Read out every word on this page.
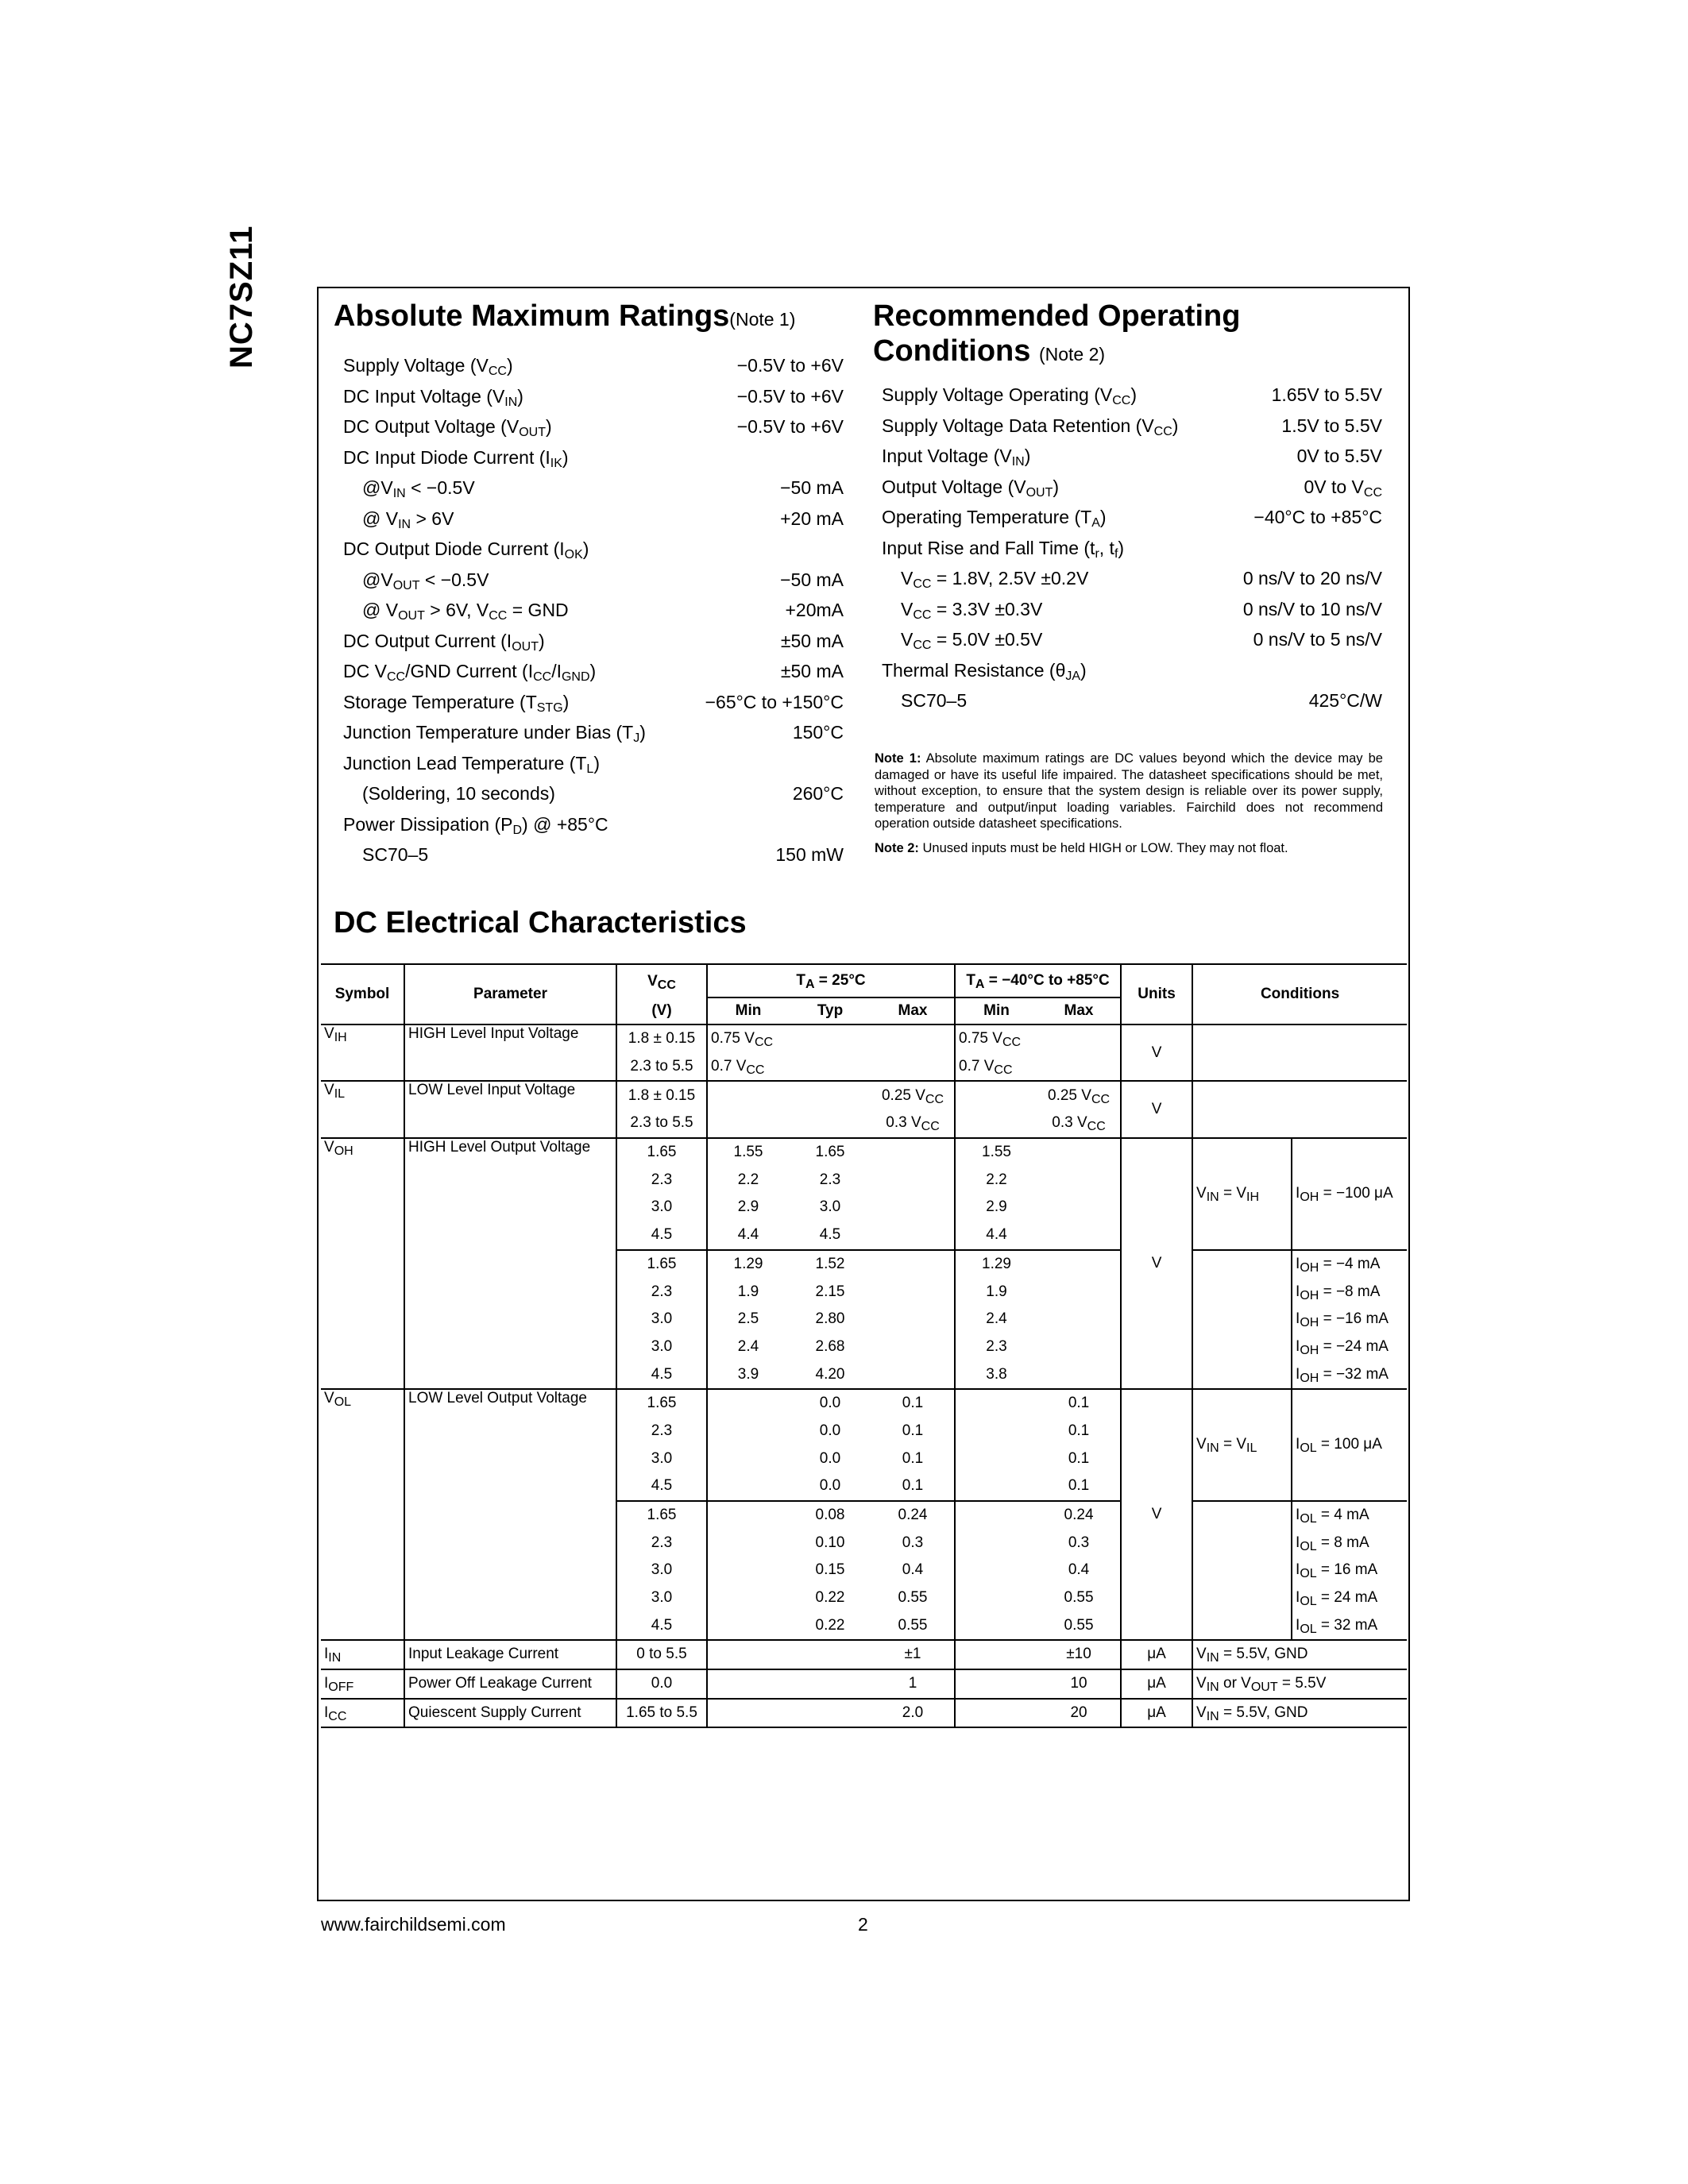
NC7SZ11 Absolute Maximum Ratings(Note 1)
Supply Voltage $(V_{CC})$	−0.5V to +6V
DC Input Voltage $(V_{IN})$	−0.5V to +6V
DC Output Voltage $(V_{OUT})$	−0.5V to +6V
DC Input Diode Current $(I_{IK})$
$@V_{IN} < -0.5V$	−50 mA
@ $V_{IN} > 6V$	+20 mA
DC Output Diode Current $(I_{OK})$
$@V_{OUT} < -0.5V$	−50 mA
@ $V_{OUT} > 6V$, $V_{CC}$ = GND	+20mA
DC Output Current $(I_{OUT})$	±50 mA
DC $V_{CC}$/GND Current $(I_{CC}/I_{GND})$	±50 mA
Storage Temperature $(T_{STG})$	−65°C to +150°C
Junction Temperature under Bias $(T_J)$	150°C
Junction Lead Temperature $(T_L)$
(Soldering, 10 seconds)	260°C
Power Dissipation $(P_D)$ @ +85°C
SC70–5	150 mW
Recommended Operating
Conditions (Note 2)
Supply Voltage Operating $(V_{CC})$	1.65V to 5.5V
Supply Voltage Data Retention $(V_{CC})$	1.5V to 5.5V
Input Voltage $(V_{IN})$	0V to 5.5V
Output Voltage $(V_{OUT})$	0V to $V_{CC}$
Operating Temperature $(T_A)$	−40°C to +85°C
Input Rise and Fall Time ($t_r$, $t_f$)
$V_{CC} = 1.8V$, 2.5V ±0.2V	0 ns/V to 20 ns/V
$V_{CC} = 3.3V \pm 0.3V$	0 ns/V to 10 ns/V
$V_{CC} = 5.0V \pm 0.5V$	0 ns/V to 5 ns/V
Thermal Resistance $(\theta_{JA})$
SC70–5	425°C/W

Note 1: Absolute maximum ratings are DC values beyond which the device may be damaged or have its useful life impaired. The datasheet specifications should be met, without exception, to ensure that the system design is reliable over its power supply, temperature and output/input loading variables. Fairchild does not recommend operation outside datasheet specifications.

Note 2: Unused inputs must be held HIGH or LOW. They may not float.

DC Electrical Characteristics
Symbol	Parameter	$V_{CC}$	$T_A = 25^\circ C$			$T_A = -40^\circ C$ to +85°C		Units	Conditions	
		(V)	Min	Typ	Max	Min	Max			
$V_{IH}$	HIGH Level Input Voltage	1.8 ± 0.15	0.75 $V_{CC}$			0.75 $V_{CC}$		V		
		2.3 to 5.5	0.7 $V_{CC}$			0.7 $V_{CC}$	
$V_{IL}$	LOW Level Input Voltage	1.8 ± 0.15			0.25 $V_{CC}$		0.25 $V_{CC}$	V		
		2.3 to 5.5			0.3 $V_{CC}$		0.3 $V_{CC}$
$V_{OH}$	HIGH Level Output Voltage	1.65	1.55	1.65		1.55		V	$V_{IN} = V_{IH}$	$I_{OH} = -100$ μA
		2.3	2.2	2.3		2.2				
		3.0	2.9	3.0		2.9				
		4.5	4.4	4.5		4.4				
		1.65	1.29	1.52		1.29				$I_{OH} = -4$ mA
		2.3	1.9	2.15		1.9				$I_{OH} = -8$ mA
		3.0	2.5	2.80		2.4				$I_{OH} = -16$ mA
		3.0	2.4	2.68		2.3				$I_{OH} = -24$ mA
		4.5	3.9	4.20		3.8				$I_{OH} = -32$ mA
$V_{OL}$	LOW Level Output Voltage	1.65		0.0	0.1		0.1	V	$V_{IN} = V_{IL}$	$I_{OL} = 100$ μA
		2.3		0.0	0.1		0.1			
		3.0		0.0	0.1		0.1			
		4.5		0.0	0.1		0.1			
		1.65		0.08	0.24		0.24			$I_{OL} = 4$ mA
		2.3		0.10	0.3		0.3			$I_{OL} = 8$ mA
		3.0		0.15	0.4		0.4			$I_{OL} = 16$ mA
		3.0		0.22	0.55		0.55			$I_{OL} = 24$ mA
		4.5		0.22	0.55		0.55			$I_{OL} = 32$ mA
$I_{IN}$	Input Leakage Current	0 to 5.5			±1		±10	μA	$V_{IN} = 5.5V$, GND	
$I_{OFF}$	Power Off Leakage Current	0.0			1		10	μA	$V_{IN}$ or $V_{OUT} = 5.5V$	
$I_{CC}$	Quiescent Supply Current	1.65 to 5.5			2.0		20	μA	$V_{IN} = 5.5V$, GND	
www.fairchildsemi.com	2
